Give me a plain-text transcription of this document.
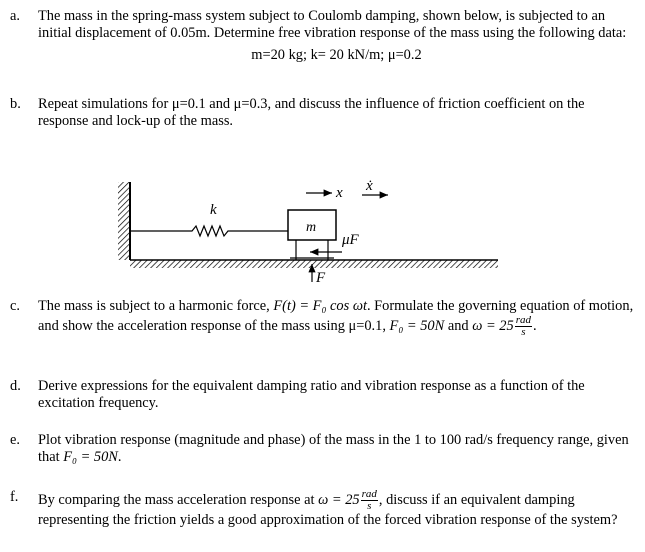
a. The mass in the spring-mass system subject to Coulomb damping, shown below, is subjected to an initial displacement of 0.05m. Determine free vibration response of the mass using the following data:
m=20 kg; k= 20 kN/m; μ=0.2
b. Repeat simulations for μ=0.1 and μ=0.3, and discuss the influence of friction coefficient on the response and lock-up of the mass.
k
m
x ẋ
μF
F
c. The mass is subject to a harmonic force, F(t) = F₀ cos ωt. Formulate the governing equation of motion, and show the acceleration response of the mass using μ=0.1, F₀ = 50N and $\omega = 25 \frac{\text{rad}}{s}$ .
d. Derive expressions for the equivalent damping ratio and vibration response as a function of the excitation frequency.
e. Plot vibration response (magnitude and phase) of the mass in the 1 to 100 rad/s frequency range, given that F₀ = 50N.
f. By comparing the mass acceleration response at $\omega = 25 \frac{\text{rad}}{s}$ , discuss if an equivalent damping representing the friction yields a good approximation of the forced vibration response of the system?
